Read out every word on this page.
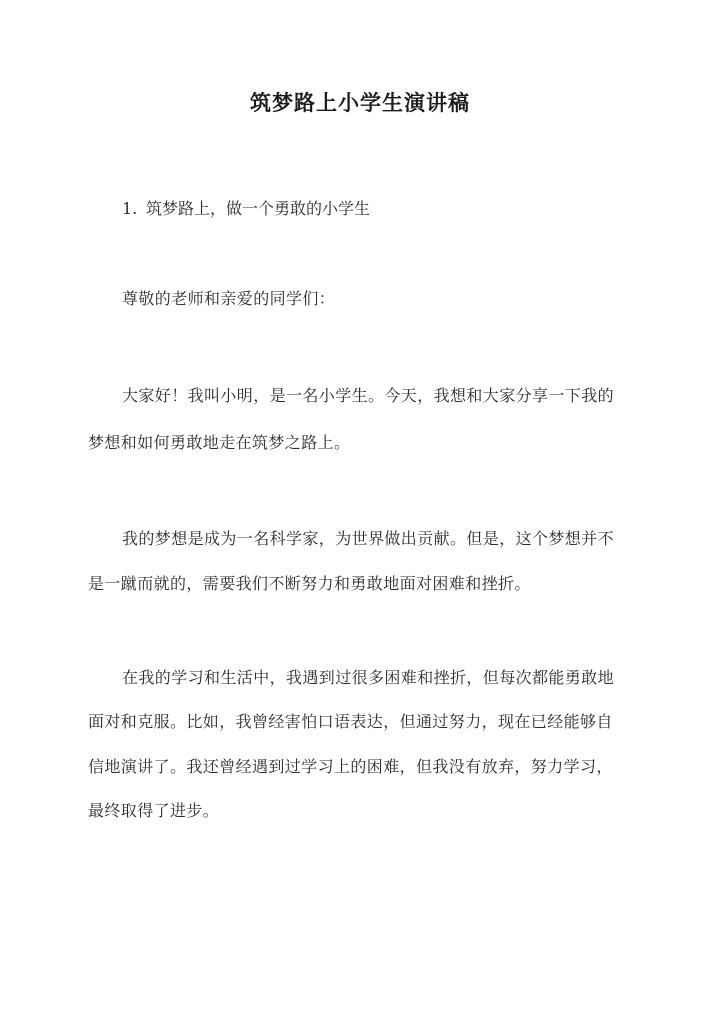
筑梦路上小学生演讲稿
1. 筑梦路上，做一个勇敢的小学生
尊敬的老师和亲爱的同学们：
大家好！我叫小明，是一名小学生。今天，我想和大家分享一下我的
梦想和如何勇敢地走在筑梦之路上。
我的梦想是成为一名科学家，为世界做出贡献。但是，这个梦想并不
是一蹴而就的，需要我们不断努力和勇敢地面对困难和挫折。
在我的学习和生活中，我遇到过很多困难和挫折，但每次都能勇敢地
面对和克服。比如，我曾经害怕口语表达，但通过努力，现在已经能够自
信地演讲了。我还曾经遇到过学习上的困难，但我没有放弃，努力学习，
最终取得了进步。
